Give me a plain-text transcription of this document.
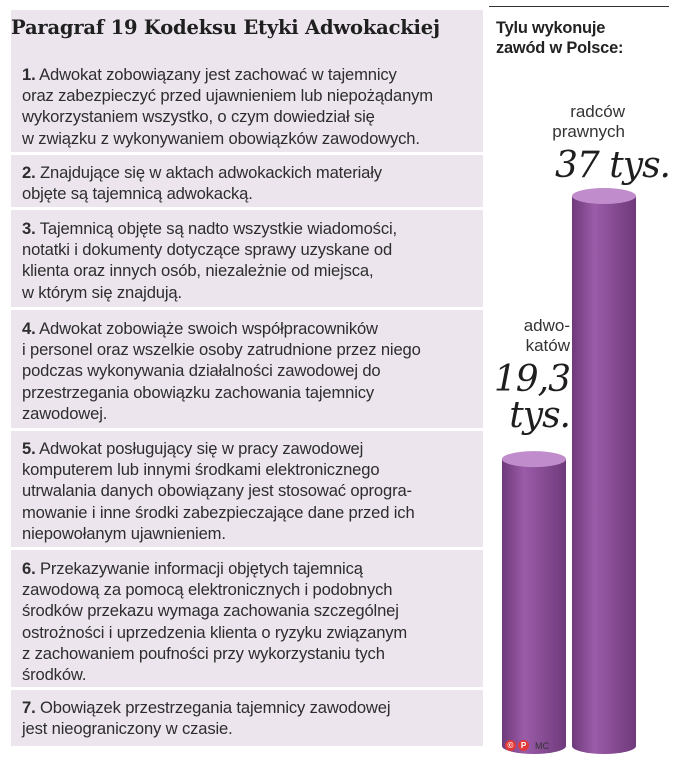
Paragraf 19 Kodeksu Etyki Adwokackiej
1. Adwokat zobowiązany jest zachować w tajemnicy
oraz zabezpieczyć przed ujawnieniem lub niepożądanym
wykorzystaniem wszystko, o czym dowiedział się
w związku z wykonywaniem obowiązków zawodowych.
2. Znajdujące się w aktach adwokackich materiały
objęte są tajemnicą adwokacką.
3. Tajemnicą objęte są nadto wszystkie wiadomości,
notatki i dokumenty dotyczące sprawy uzyskane od
klienta oraz innych osób, niezależnie od miejsca,
w którym się znajdują.
4. Adwokat zobowiąże swoich współpracowników
i personel oraz wszelkie osoby zatrudnione przez niego
podczas wykonywania działalności zawodowej do
przestrzegania obowiązku zachowania tajemnicy
zawodowej.
5. Adwokat posługujący się w pracy zawodowej
komputerem lub innymi środkami elektronicznego
utrwalania danych obowiązany jest stosować oprogra-
mowanie i inne środki zabezpieczające dane przed ich
niepowołanym ujawnieniem.
6. Przekazywanie informacji objętych tajemnicą
zawodową za pomocą elektronicznych i podobnych
środków przekazu wymaga zachowania szczególnej
ostrożności i uprzedzenia klienta o ryzyku związanym
z zachowaniem poufności przy wykorzystaniu tych
środków.
7. Obowiązek przestrzegania tajemnicy zawodowej
jest nieograniczony w czasie.
Tylu wykonuje
zawód w Polsce:
radców
prawnych
37 tys.
adwo-
katów
19,3
tys.
© P MC
